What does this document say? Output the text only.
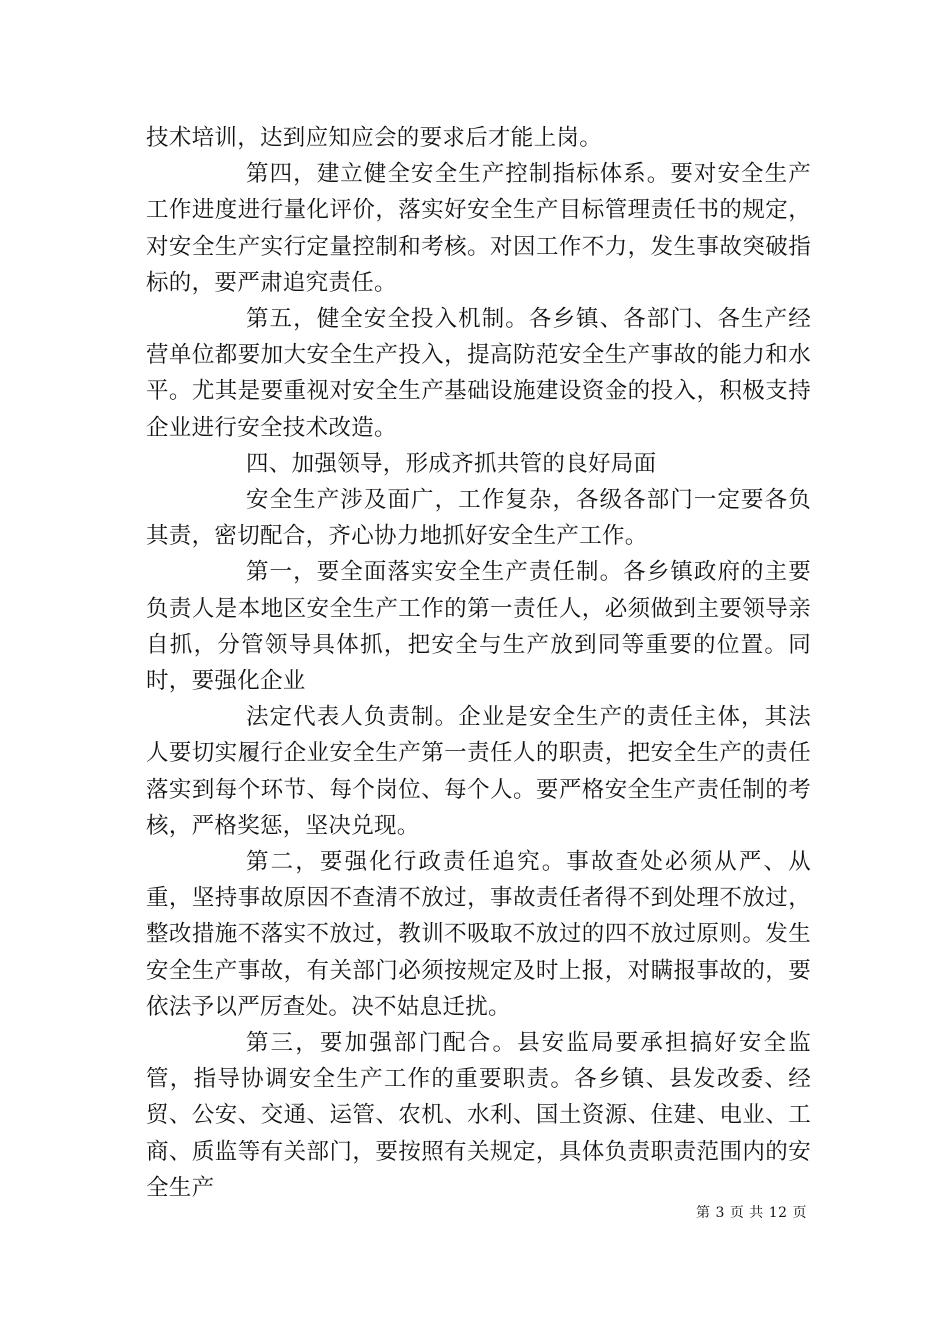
技术培训，达到应知应会的要求后才能上岗。

第四，建立健全安全生产控制指标体系。要对安全生产工作进度进行量化评价，落实好安全生产目标管理责任书的规定，对安全生产实行定量控制和考核。对因工作不力，发生事故突破指标的，要严肃追究责任。

第五，健全安全投入机制。各乡镇、各部门、各生产经营单位都要加大安全生产投入，提高防范安全生产事故的能力和水平。尤其是要重视对安全生产基础设施建设资金的投入，积极支持企业进行安全技术改造。

四、加强领导，形成齐抓共管的良好局面

安全生产涉及面广，工作复杂，各级各部门一定要各负其责，密切配合，齐心协力地抓好安全生产工作。

第一，要全面落实安全生产责任制。各乡镇政府的主要负责人是本地区安全生产工作的第一责任人，必须做到主要领导亲自抓，分管领导具体抓，把安全与生产放到同等重要的位置。同时，要强化企业

法定代表人负责制。企业是安全生产的责任主体，其法人要切实履行企业安全生产第一责任人的职责，把安全生产的责任落实到每个环节、每个岗位、每个人。要严格安全生产责任制的考核，严格奖惩，坚决兑现。

第二，要强化行政责任追究。事故查处必须从严、从重，坚持事故原因不查清不放过，事故责任者得不到处理不放过，整改措施不落实不放过，教训不吸取不放过的四不放过原则。发生安全生产事故，有关部门必须按规定及时上报，对瞒报事故的，要依法予以严厉查处。决不姑息迁扰。

第三，要加强部门配合。县安监局要承担搞好安全监管，指导协调安全生产工作的重要职责。各乡镇、县发改委、经贸、公安、交通、运管、农机、水利、国土资源、住建、电业、工商、质监等有关部门，要按照有关规定，具体负责职责范围内的安全生产

第 3 页 共 12 页
